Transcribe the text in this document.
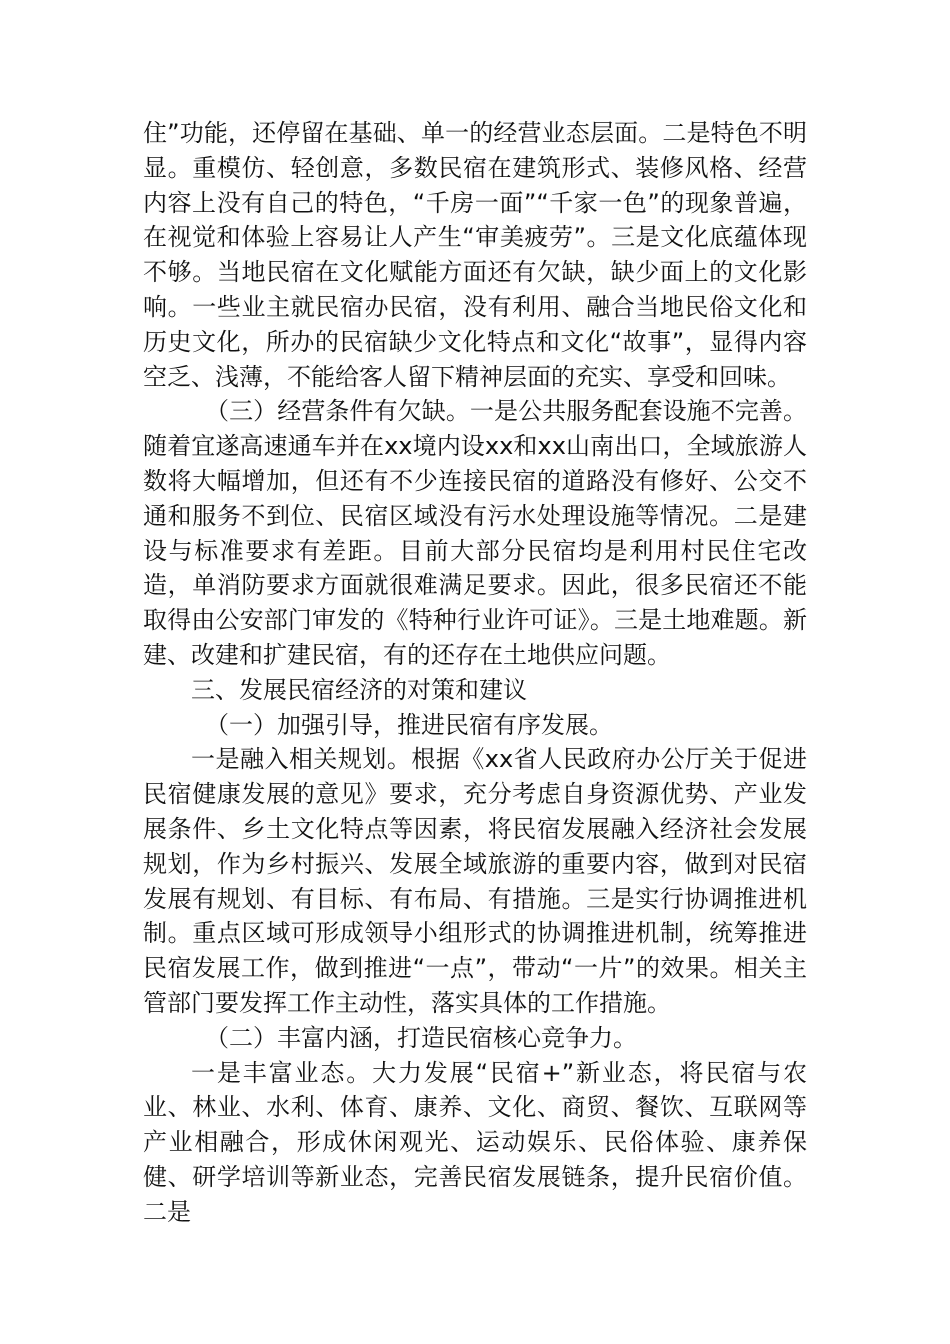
住”功能，还停留在基础、单一的经营业态层面。二是特色不明显。重模仿、轻创意，多数民宿在建筑形式、装修风格、经营内容上没有自己的特色，“千房一面”“千家一色”的现象普遍，在视觉和体验上容易让人产生“审美疲劳”。三是文化底蕴体现不够。当地民宿在文化赋能方面还有欠缺，缺少面上的文化影响。一些业主就民宿办民宿，没有利用、融合当地民俗文化和历史文化，所办的民宿缺少文化特点和文化“故事”，显得内容空乏、浅薄，不能给客人留下精神层面的充实、享受和回味。

（三）经营条件有欠缺。一是公共服务配套设施不完善。随着宜遂高速通车并在xx境内设xx和xx山南出口，全域旅游人数将大幅增加，但还有不少连接民宿的道路没有修好、公交不通和服务不到位、民宿区域没有污水处理设施等情况。二是建设与标准要求有差距。目前大部分民宿均是利用村民住宅改造，单消防要求方面就很难满足要求。因此，很多民宿还不能取得由公安部门审发的《特种行业许可证》。三是土地难题。新建、改建和扩建民宿，有的还存在土地供应问题。

三、发展民宿经济的对策和建议

（一）加强引导，推进民宿有序发展。

一是融入相关规划。根据《xx省人民政府办公厅关于促进民宿健康发展的意见》要求，充分考虑自身资源优势、产业发展条件、乡土文化特点等因素，将民宿发展融入经济社会发展规划，作为乡村振兴、发展全域旅游的重要内容，做到对民宿发展有规划、有目标、有布局、有措施。三是实行协调推进机制。重点区域可形成领导小组形式的协调推进机制，统筹推进民宿发展工作，做到推进“一点”，带动“一片”的效果。相关主管部门要发挥工作主动性，落实具体的工作措施。

（二）丰富内涵，打造民宿核心竞争力。

一是丰富业态。大力发展“民宿+”新业态，将民宿与农业、林业、水利、体育、康养、文化、商贸、餐饮、互联网等产业相融合，形成休闲观光、运动娱乐、民俗体验、康养保健、研学培训等新业态，完善民宿发展链条，提升民宿价值。二是
